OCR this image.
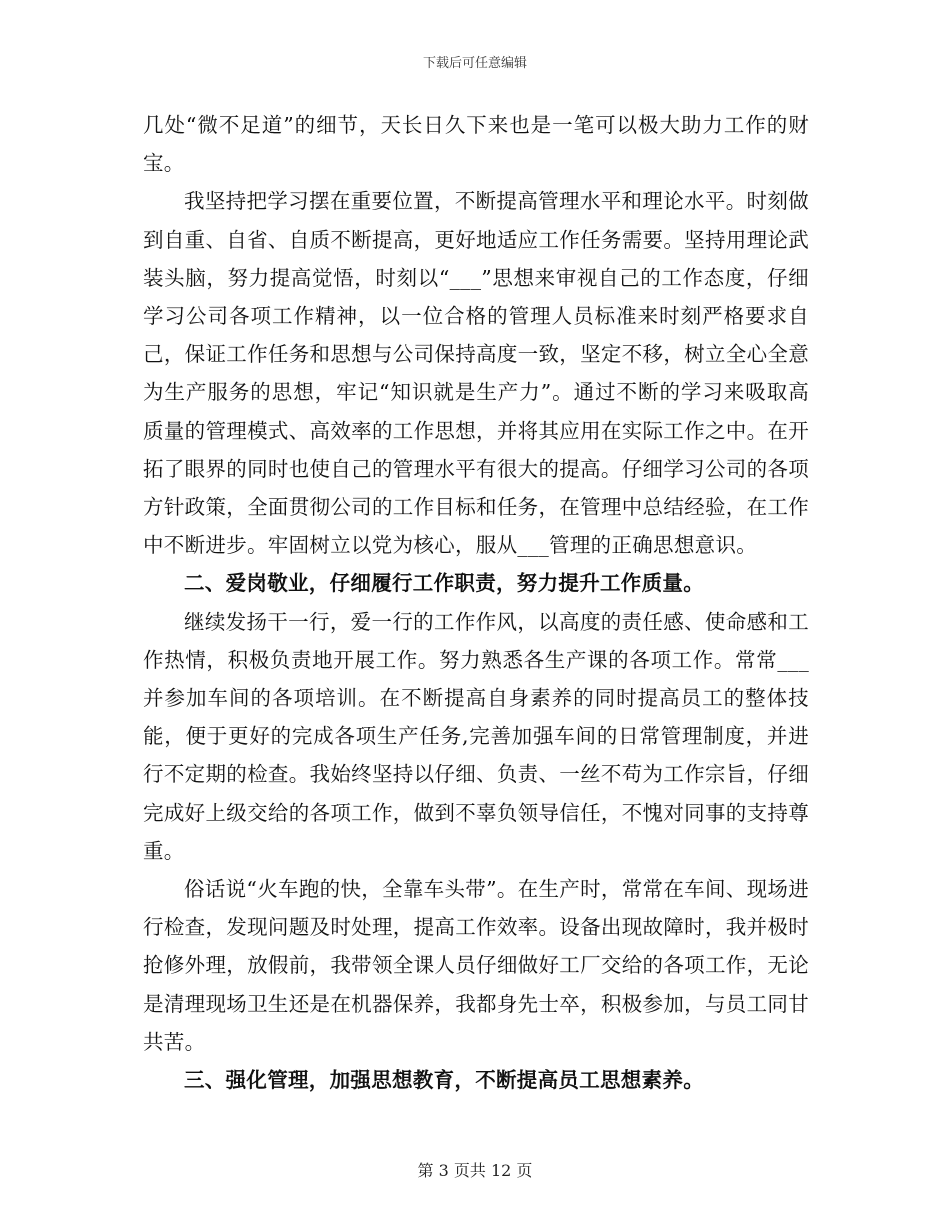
下载后可任意编辑

几处“微不足道”的细节，天长日久下来也是一笔可以极大助力工作的财宝。

我坚持把学习摆在重要位置，不断提高管理水平和理论水平。时刻做到自重、自省、自质不断提高，更好地适应工作任务需要。坚持用理论武装头脑，努力提高觉悟，时刻以“___”思想来审视自己的工作态度，仔细学习公司各项工作精神，以一位合格的管理人员标准来时刻严格要求自己，保证工作任务和思想与公司保持高度一致，坚定不移，树立全心全意为生产服务的思想，牢记“知识就是生产力”。通过不断的学习来吸取高质量的管理模式、高效率的工作思想，并将其应用在实际工作之中。在开拓了眼界的同时也使自己的管理水平有很大的提高。仔细学习公司的各项方针政策，全面贯彻公司的工作目标和任务，在管理中总结经验，在工作中不断进步。牢固树立以党为核心，服从___管理的正确思想意识。

二、爱岗敬业，仔细履行工作职责，努力提升工作质量。

继续发扬干一行，爱一行的工作作风，以高度的责任感、使命感和工作热情，积极负责地开展工作。努力熟悉各生产课的各项工作。常常___并参加车间的各项培训。在不断提高自身素养的同时提高员工的整体技能，便于更好的完成各项生产任务,完善加强车间的日常管理制度，并进行不定期的检查。我始终坚持以仔细、负责、一丝不苟为工作宗旨，仔细完成好上级交给的各项工作，做到不辜负领导信任，不愧对同事的支持尊重。

俗话说“火车跑的快，全靠车头带”。在生产时，常常在车间、现场进行检查，发现问题及时处理，提高工作效率。设备出现故障时，我并极时抢修外理，放假前，我带领全课人员仔细做好工厂交给的各项工作，无论是清理现场卫生还是在机器保养，我都身先士卒，积极参加，与员工同甘共苦。

三、强化管理，加强思想教育，不断提高员工思想素养。

第 3 页共 12 页
